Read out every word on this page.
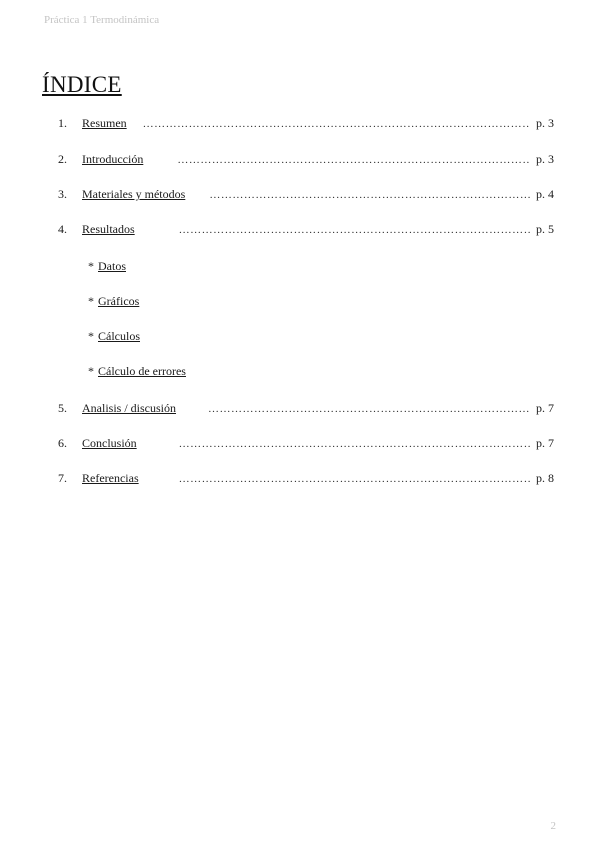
Práctica 1 Termodinámica
ÍNDICE
1.	Resumen ………………………………………………………………………………………………………………………………………………………………	p. 3
2.	Introducción ………………………………………………………………………………………………………………………………………………………………	p. 3
3.	Materiales y métodos ………………………………………………………………………………………………………………………………………………………………	p. 4
4.	Resultados ………………………………………………………………………………………………………………………………………………………………	p. 5
* Datos
* Gráficos
* Cálculos
* Cálculo de errores
5.	Analisis / discusión ………………………………………………………………………………………………………………………………………………………………	p. 7
6.	Conclusión ………………………………………………………………………………………………………………………………………………………………	p. 7
7.	Referencias ………………………………………………………………………………………………………………………………………………………………	p. 8
2
